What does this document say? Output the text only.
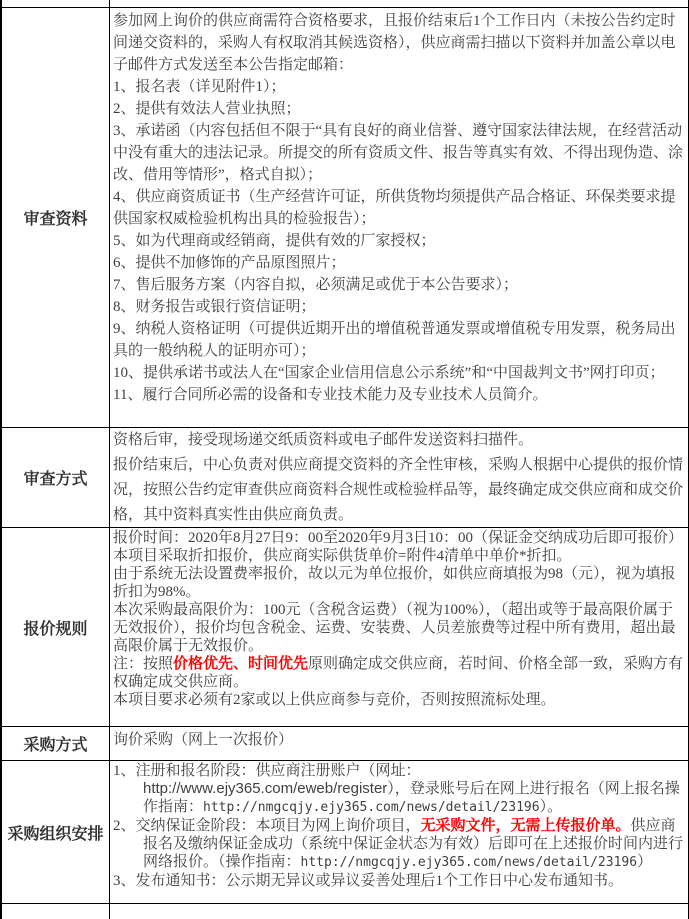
审查资料
参加网上询价的供应商需符合资格要求，且报价结束后1个工作日内（未按公告约定时间递交资料的，采购人有权取消其候选资格），供应商需扫描以下资料并加盖公章以电子邮件方式发送至本公告指定邮箱：
1、报名表（详见附件1）；
2、提供有效法人营业执照；
3、承诺函（内容包括但不限于“具有良好的商业信誉、遵守国家法律法规，在经营活动中没有重大的违法记录。所提交的所有资质文件、报告等真实有效、不得出现伪造、涂改、借用等情形”，格式自拟）；
4、供应商资质证书（生产经营许可证，所供货物均须提供产品合格证、环保类要求提供国家权威检验机构出具的检验报告）；
5、如为代理商或经销商，提供有效的厂家授权；
6、提供不加修饰的产品原图照片；
7、售后服务方案（内容自拟，必须满足或优于本公告要求）；
8、财务报告或银行资信证明；
9、纳税人资格证明（可提供近期开出的增值税普通发票或增值税专用发票，税务局出具的一般纳税人的证明亦可）；
10、提供承诺书或法人在“国家企业信用信息公示系统”和“中国裁判文书”网打印页；
11、履行合同所必需的设备和专业技术能力及专业技术人员简介。
审查方式
资格后审，接受现场递交纸质资料或电子邮件发送资料扫描件。
报价结束后，中心负责对供应商提交资料的齐全性审核，采购人根据中心提供的报价情况，按照公告约定审查供应商资料合规性或检验样品等，最终确定成交供应商和成交价格，其中资料真实性由供应商负责。
报价规则
报价时间：2020年8月27日9：00至2020年9月3日10：00（保证金交纳成功后即可报价）
本项目采取折扣报价，供应商实际供货单价=附件4清单中单价*折扣。
由于系统无法设置费率报价，故以元为单位报价，如供应商填报为98（元），视为填报折扣为98%。
本次采购最高限价为：100元（含税含运费）（视为100%），（超出或等于最高限价属于无效报价），报价均包含税金、运费、安装费、人员差旅费等过程中所有费用，超出最高限价属于无效报价。
注：按照价格优先、时间优先原则确定成交供应商，若时间、价格全部一致，采购方有权确定成交供应商。
本项目要求必须有2家或以上供应商参与竞价，否则按照流标处理。
采购方式 询价采购（网上一次报价）
采购组织安排
1、注册和报名阶段：供应商注册账户（网址：http://www.ejy365.com/eweb/register），登录账号后在网上进行报名（网上报名操作指南：http://nmgcqjy.ejy365.com/news/detail/23196）。
2、交纳保证金阶段：本项目为网上询价项目，无采购文件，无需上传报价单。供应商报名及缴纳保证金成功（系统中保证金状态为有效）后即可在上述报价时间内进行网络报价。（操作指南：http://nmgcqjy.ejy365.com/news/detail/23196）
3、发布通知书：公示期无异议或异议妥善处理后1个工作日中心发布通知书。
